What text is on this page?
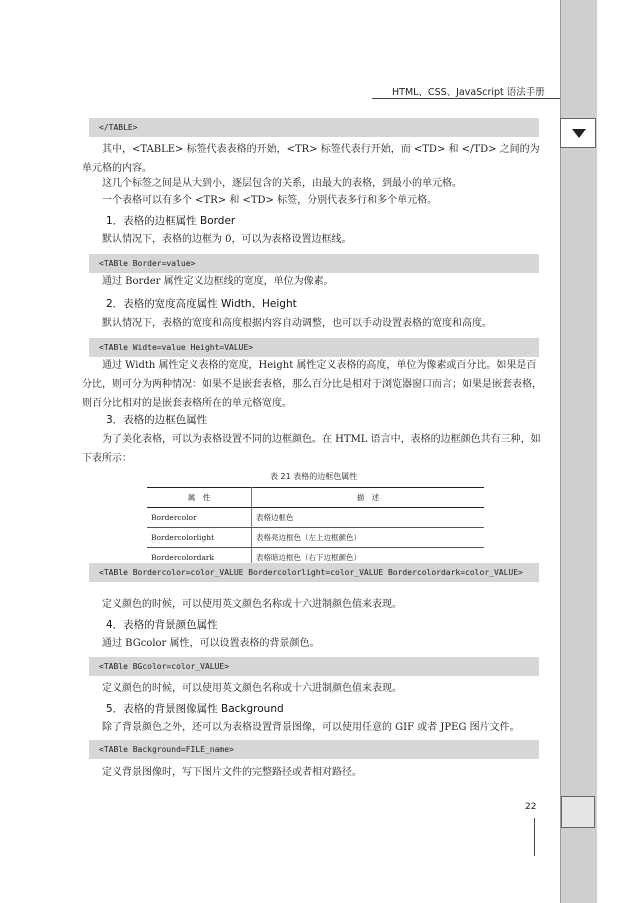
HTML、CSS、JavaScript 语法手册
</TABLE>
其中，<TABLE> 标签代表表格的开始，<TR> 标签代表行开始，而 <TD> 和 </TD> 之间的为单元格的内容。
这几个标签之间是从大到小，逐层包含的关系，由最大的表格，到最小的单元格。
一个表格可以有多个 <TR> 和 <TD> 标签，分别代表多行和多个单元格。
1．表格的边框属性 Border
默认情况下，表格的边框为 0，可以为表格设置边框线。
<TABle Border=value>
通过 Border 属性定义边框线的宽度，单位为像素。
2．表格的宽度高度属性 Width、Height
默认情况下，表格的宽度和高度根据内容自动调整，也可以手动设置表格的宽度和高度。
<TABle Widte=value Height=VALUE>
通过 Width 属性定义表格的宽度，Height 属性定义表格的高度，单位为像素或百分比。如果是百分比，则可分为两种情况：如果不是嵌套表格，那么百分比是相对于浏览器窗口而言；如果是嵌套表格，则百分比相对的是嵌套表格所在的单元格宽度。
3．表格的边框色属性
为了美化表格，可以为表格设置不同的边框颜色。在 HTML 语言中，表格的边框颜色共有三种，如下表所示：
表 21 表格的边框色属性
属　性	描　述
Bordercolor	表格边框色
Bordercolorlight	表格亮边框色（左上边框颜色）
Bordercolordark	表格暗边框色（右下边框颜色）
<TABle Bordercolor=color_VALUE Bordercolorlight=color_VALUE Bordercolordark=color_VALUE>
定义颜色的时候，可以使用英文颜色名称或十六进制颜色值来表现。
4．表格的背景颜色属性
通过 BGcolor 属性，可以设置表格的背景颜色。
<TABle BGcolor=color_VALUE>
定义颜色的时候，可以使用英文颜色名称或十六进制颜色值来表现。
5．表格的背景图像属性 Background
除了背景颜色之外，还可以为表格设置背景图像，可以使用任意的 GIF 或者 JPEG 图片文件。
<TABle Background=FILE_name>
定义背景图像时，写下图片文件的完整路径或者相对路径。
22
